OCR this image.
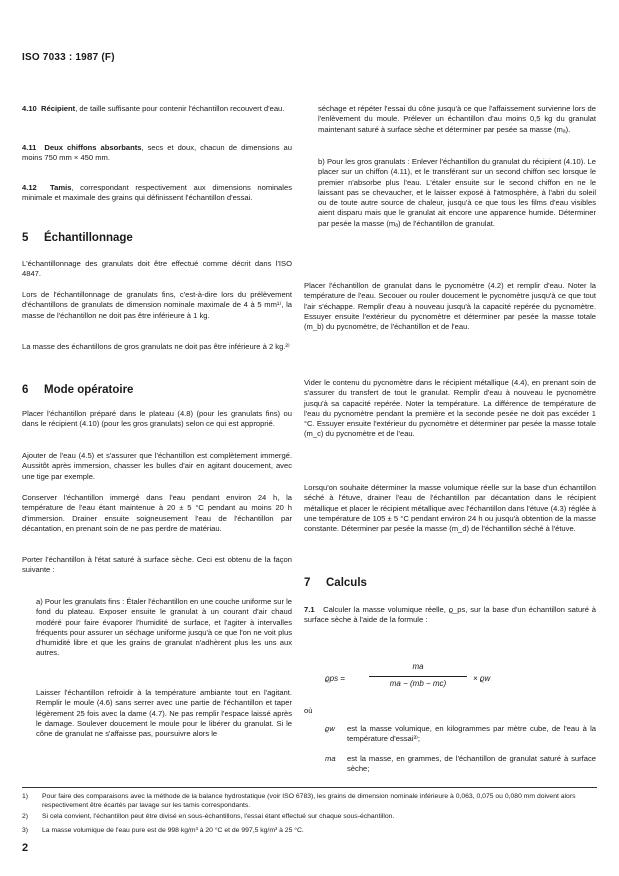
ISO 7033 : 1987 (F)

4.10 Récipient, de taille suffisante pour contenir l'échantillon recouvert d'eau.

4.11 Deux chiffons absorbants, secs et doux, chacun de dimensions au moins 750 mm × 450 mm.

4.12 Tamis, correspondant respectivement aux dimensions nominales minimale et maximale des grains qui définissent l'échantillon d'essai.

5 Échantillonnage

L'échantillonnage des granulats doit être effectué comme décrit dans l'ISO 4847.

Lors de l'échantillonnage de granulats fins, c'est-à-dire lors du prélèvement d'échantillons de granulats de dimension nominale maximale de 4 à 5 mm¹⁾, la masse de l'échantillon ne doit pas être inférieure à 1 kg.

La masse des échantillons de gros granulats ne doit pas être inférieure à 2 kg.²⁾

6 Mode opératoire

Placer l'échantillon préparé dans le plateau (4.8) (pour les granulats fins) ou dans le récipient (4.10) (pour les gros granulats) selon ce qui est approprié.

Ajouter de l'eau (4.5) et s'assurer que l'échantillon est complètement immergé. Aussitôt après immersion, chasser les bulles d'air en agitant doucement, avec une tige par exemple.

Conserver l'échantillon immergé dans l'eau pendant environ 24 h, la température de l'eau étant maintenue à 20 ± 5 °C pendant au moins 20 h d'immersion. Drainer ensuite soigneusement l'eau de l'échantillon par décantation, en prenant soin de ne pas perdre de matériau.

Porter l'échantillon à l'état saturé à surface sèche. Ceci est obtenu de la façon suivante :

a) Pour les granulats fins : Étaler l'échantillon en une couche uniforme sur le fond du plateau. Exposer ensuite le granulat à un courant d'air chaud modéré pour faire évaporer l'humidité de surface, et l'agiter à intervalles fréquents pour assurer un séchage uniforme jusqu'à ce que l'on ne voit plus d'humidité libre et que les grains de granulat n'adhèrent plus les uns aux autres.

Laisser l'échantillon refroidir à la température ambiante tout en l'agitant. Remplir le moule (4.6) sans serrer avec une partie de l'échantillon et taper légèrement 25 fois avec la dame (4.7). Ne pas remplir l'espace laissé après le damage. Soulever doucement le moule pour le libérer du granulat. Si le cône de granulat ne s'affaisse pas, poursuivre alors le

séchage et répéter l'essai du cône jusqu'à ce que l'affaissement survienne lors de l'enlèvement du moule. Prélever un échantillon d'au moins 0,5 kg du granulat maintenant saturé à surface sèche et déterminer par pesée sa masse (mₐ).

b) Pour les gros granulats : Enlever l'échantillon du granulat du récipient (4.10). Le placer sur un chiffon (4.11), et le transférant sur un second chiffon sec lorsque le premier n'absorbe plus l'eau. L'étaler ensuite sur le second chiffon en ne le laissant pas se chevaucher, et le laisser exposé à l'atmosphère, à l'abri du soleil ou de toute autre source de chaleur, jusqu'à ce que tous les films d'eau visibles aient disparu mais que le granulat ait encore une apparence humide. Déterminer par pesée la masse (mₐ) de l'échantillon de granulat.

Placer l'échantillon de granulat dans le pycnomètre (4.2) et remplir d'eau. Noter la température de l'eau. Secouer ou rouler doucement le pycnomètre jusqu'à ce que tout l'air s'échappe. Remplir d'eau à nouveau jusqu'à la capacité repérée du pycnomètre. Essuyer ensuite l'extérieur du pycnomètre et déterminer par pesée la masse totale (m_b) du pycnomètre, de l'échantillon et de l'eau.

Vider le contenu du pycnomètre dans le récipient métallique (4.4), en prenant soin de s'assurer du transfert de tout le granulat. Remplir d'eau à nouveau le pycnomètre jusqu'à sa capacité repérée. Noter la température. La différence de température de l'eau du pycnomètre pendant la première et la seconde pesée ne doit pas excéder 1 °C. Essuyer ensuite l'extérieur du pycnomètre et déterminer par pesée la masse totale (m_c) du pycnomètre et de l'eau.

Lorsqu'on souhaite déterminer la masse volumique réelle sur la base d'un échantillon séché à l'étuve, drainer l'eau de l'échantillon par décantation dans le récipient métallique et placer le récipient métallique avec l'échantillon dans l'étuve (4.3) réglée à une température de 105 ± 5 °C pendant environ 24 h ou jusqu'à obtention de la masse constante. Déterminer par pesée la masse (m_d) de l'échantillon séché à l'étuve.

7 Calculs

7.1 Calculer la masse volumique réelle, ϱ_ps, sur la base d'un échantillon saturé à surface sèche à l'aide de la formule :

ϱps =
ma
ma − (mb − mc)
× ϱw

où

ϱw	est la masse volumique, en kilogrammes par mètre cube, de l'eau à la température d'essai³⁾;
ma	est la masse, en grammes, de l'échantillon de granulat saturé à surface sèche;
1) Pour faire des comparaisons avec la méthode de la balance hydrostatique (voir ISO 6783), les grains de dimension nominale inférieure à 0,063, 0,075 ou 0,080 mm doivent alors respectivement être écartés par lavage sur les tamis correspondants.
2) Si cela convient, l'échantillon peut être divisé en sous-échantillons, l'essai étant effectué sur chaque sous-échantillon.
3) La masse volumique de l'eau pure est de 998 kg/m³ à 20 °C et de 997,5 kg/m³ à 25 °C.
2
